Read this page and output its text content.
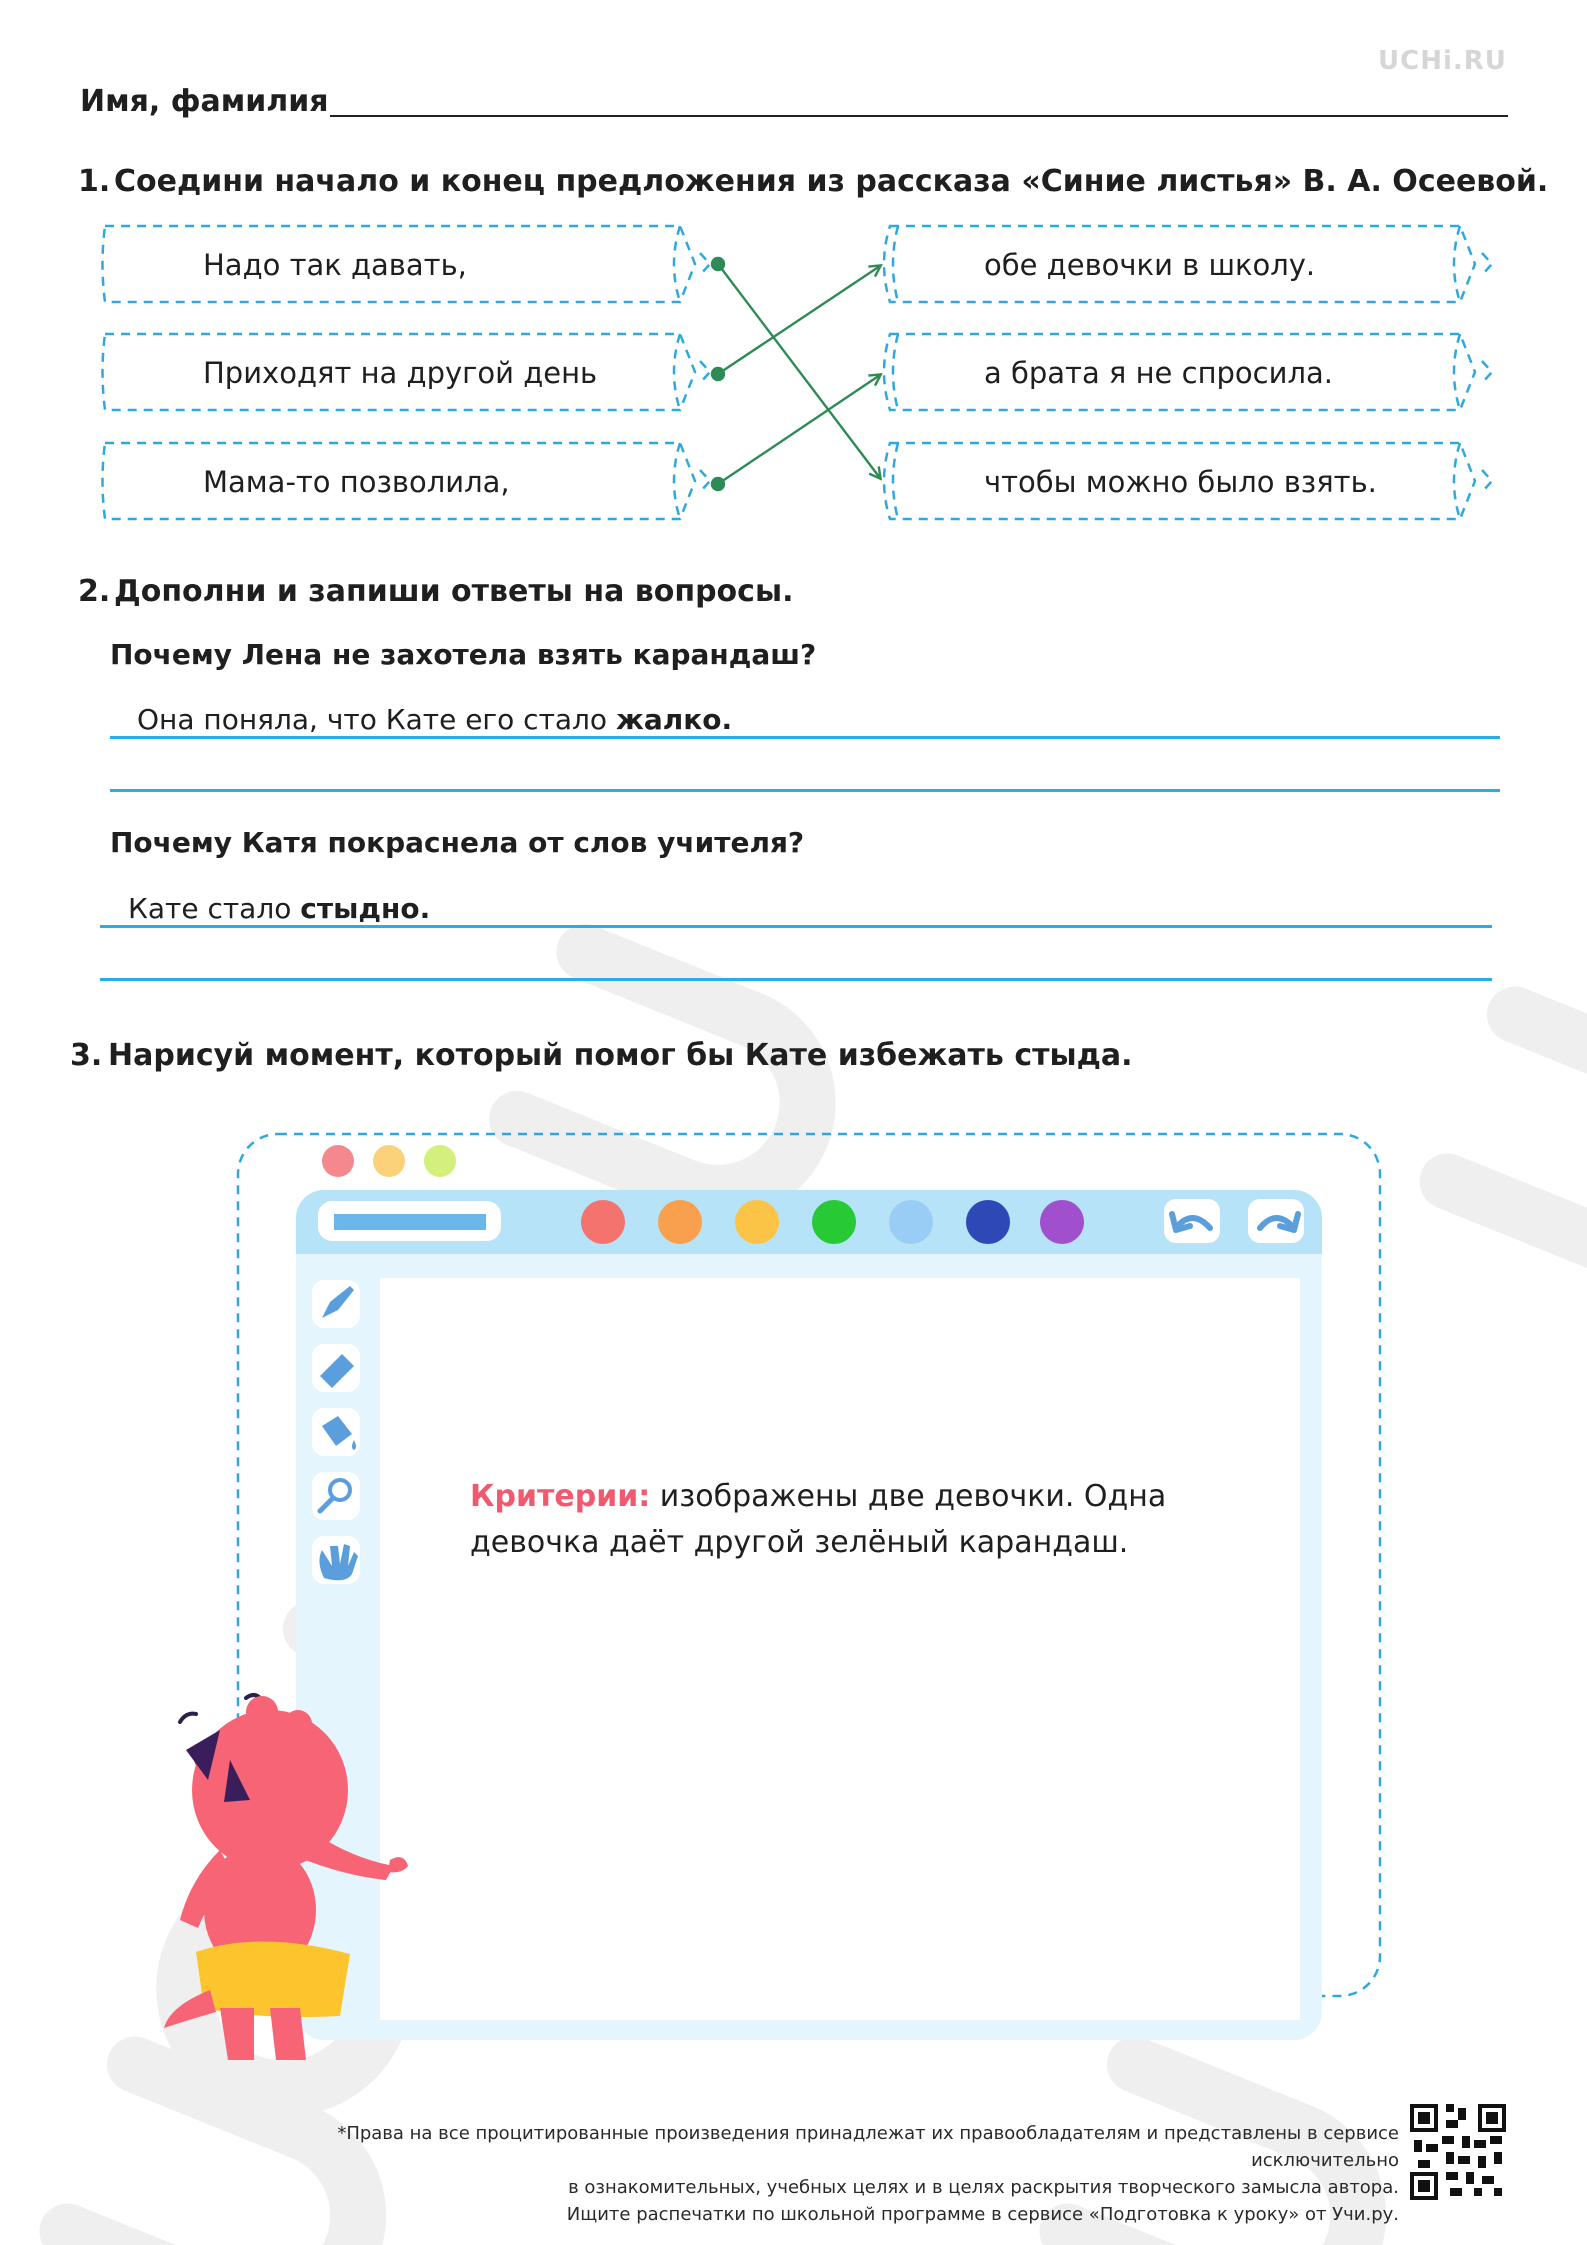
UCHi.RU
Имя, фамилия
1. Соедини начало и конец предложения из рассказа «Синие листья» В. А. Осеевой.
Надо так давать,
Приходят на другой день
Мама-то позволила,
обе девочки в школу.
а брата я не спросила.
чтобы можно было взять.
2. Дополни и запиши ответы на вопросы.
Почему Лена не захотела взять карандаш?
Она поняла, что Кате его стало жалко.
Почему Катя покраснела от слов учителя?
Кате стало стыдно.
3. Нарисуй момент, который помог бы Кате избежать стыда.
Критерии: изображены две девочки. Одна девочка даёт другой зелёный карандаш.
*Права на все процитированные произведения принадлежат их правообладателям и представлены в сервисе исключительно
в ознакомительных, учебных целях и в целях раскрытия творческого замысла автора.
Ищите распечатки по школьной программе в сервисе «Подготовка к уроку» от Учи.ру.
